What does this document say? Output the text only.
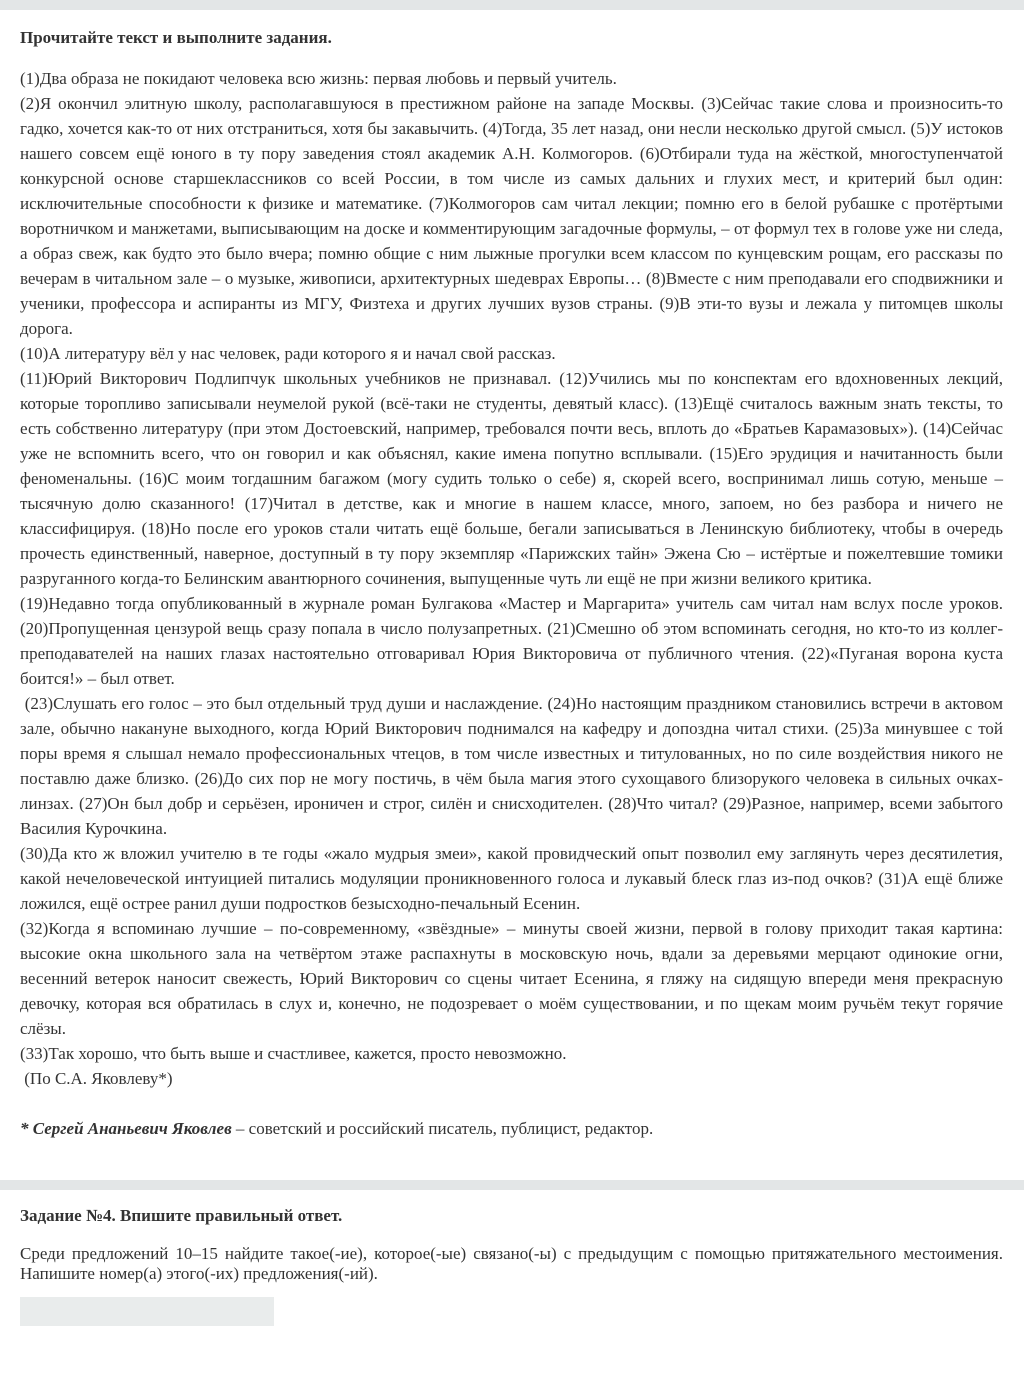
Прочитайте текст и выполните задания.

(1)Два образа не покидают человека всю жизнь: первая любовь и первый учитель.

(2)Я окончил элитную школу, располагавшуюся в престижном районе на западе Москвы. (3)Сейчас такие слова и произносить-то гадко, хочется как-то от них отстраниться, хотя бы закавычить. (4)Тогда, 35 лет назад, они несли несколько другой смысл. (5)У истоков нашего совсем ещё юного в ту пору заведения стоял академик А.Н. Колмогоров. (6)Отбирали туда на жёсткой, многоступенчатой конкурсной основе старшеклассников со всей России, в том числе из самых дальних и глухих мест, и критерий был один: исключительные способности к физике и математике. (7)Колмогоров сам читал лекции; помню его в белой рубашке с протёртыми воротничком и манжетами, выписывающим на доске и комментирующим загадочные формулы, – от формул тех в голове уже ни следа, а образ свеж, как будто это было вчера; помню общие с ним лыжные прогулки всем классом по кунцевским рощам, его рассказы по вечерам в читальном зале – о музыке, живописи, архитектурных шедеврах Европы… (8)Вместе с ним преподавали его сподвижники и ученики, профессора и аспиранты из МГУ, Физтеха и других лучших вузов страны. (9)В эти-то вузы и лежала у питомцев школы дорога.

(10)А литературу вёл у нас человек, ради которого я и начал свой рассказ.

(11)Юрий Викторович Подлипчук школьных учебников не признавал. (12)Учились мы по конспектам его вдохновенных лекций, которые торопливо записывали неумелой рукой (всё-таки не студенты, девятый класс). (13)Ещё считалось важным знать тексты, то есть собственно литературу (при этом Достоевский, например, требовался почти весь, вплоть до «Братьев Карамазовых»). (14)Сейчас уже не вспомнить всего, что он говорил и как объяснял, какие имена попутно всплывали. (15)Его эрудиция и начитанность были феноменальны. (16)С моим тогдашним багажом (могу судить только о себе) я, скорей всего, воспринимал лишь сотую, меньше – тысячную долю сказанного! (17)Читал в детстве, как и многие в нашем классе, много, запоем, но без разбора и ничего не классифицируя. (18)Но после его уроков стали читать ещё больше, бегали записываться в Ленинскую библиотеку, чтобы в очередь прочесть единственный, наверное, доступный в ту пору экземпляр «Парижских тайн» Эжена Сю – истёртые и пожелтевшие томики разруганного когда-то Белинским авантюрного сочинения, выпущенные чуть ли ещё не при жизни великого критика.

(19)Недавно тогда опубликованный в журнале роман Булгакова «Мастер и Маргарита» учитель сам читал нам вслух после уроков. (20)Пропущенная цензурой вещь сразу попала в число полузапретных. (21)Смешно об этом вспоминать сегодня, но кто-то из коллег-преподавателей на наших глазах настоятельно отговаривал Юрия Викторовича от публичного чтения. (22)«Пуганая ворона куста боится!» – был ответ.

(23)Слушать его голос – это был отдельный труд души и наслаждение. (24)Но настоящим праздником становились встречи в актовом зале, обычно накануне выходного, когда Юрий Викторович поднимался на кафедру и допоздна читал стихи. (25)За минувшее с той поры время я слышал немало профессиональных чтецов, в том числе известных и титулованных, но по силе воздействия никого не поставлю даже близко. (26)До сих пор не могу постичь, в чём была магия этого сухощавого близорукого человека в сильных очках-линзах. (27)Он был добр и серьёзен, ироничен и строг, силён и снисходителен. (28)Что читал? (29)Разное, например, всеми забытого Василия Курочкина.

(30)Да кто ж вложил учителю в те годы «жало мудрыя змеи», какой провидческий опыт позволил ему заглянуть через десятилетия, какой нечеловеческой интуицией питались модуляции проникновенного голоса и лукавый блеск глаз из-под очков? (31)А ещё ближе ложился, ещё острее ранил души подростков безысходно-печальный Есенин.

(32)Когда я вспоминаю лучшие – по-современному, «звёздные» – минуты своей жизни, первой в голову приходит такая картина: высокие окна школьного зала на четвёртом этаже распахнуты в московскую ночь, вдали за деревьями мерцают одинокие огни, весенний ветерок наносит свежесть, Юрий Викторович со сцены читает Есенина, я гляжу на сидящую впереди меня прекрасную девочку, которая вся обратилась в слух и, конечно, не подозревает о моём существовании, и по щекам моим ручьём текут горячие слёзы.

(33)Так хорошо, что быть выше и счастливее, кажется, просто невозможно.

(По С.А. Яковлеву*)

* Сергей Ананьевич Яковлев – советский и российский писатель, публицист, редактор.
Задание №4. Впишите правильный ответ.
Среди предложений 10–15 найдите такое(-ие), которое(-ые) связано(-ы) с предыдущим с помощью притяжательного местоимения. Напишите номер(а) этого(-их) предложения(-ий).
